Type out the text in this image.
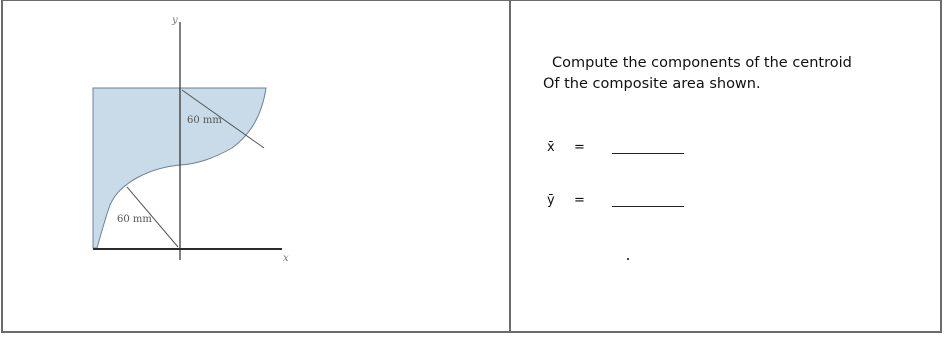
y
x
60 mm
60 mm
Compute the components of the centroid
Of the composite area shown.
x̄ =
ȳ =
